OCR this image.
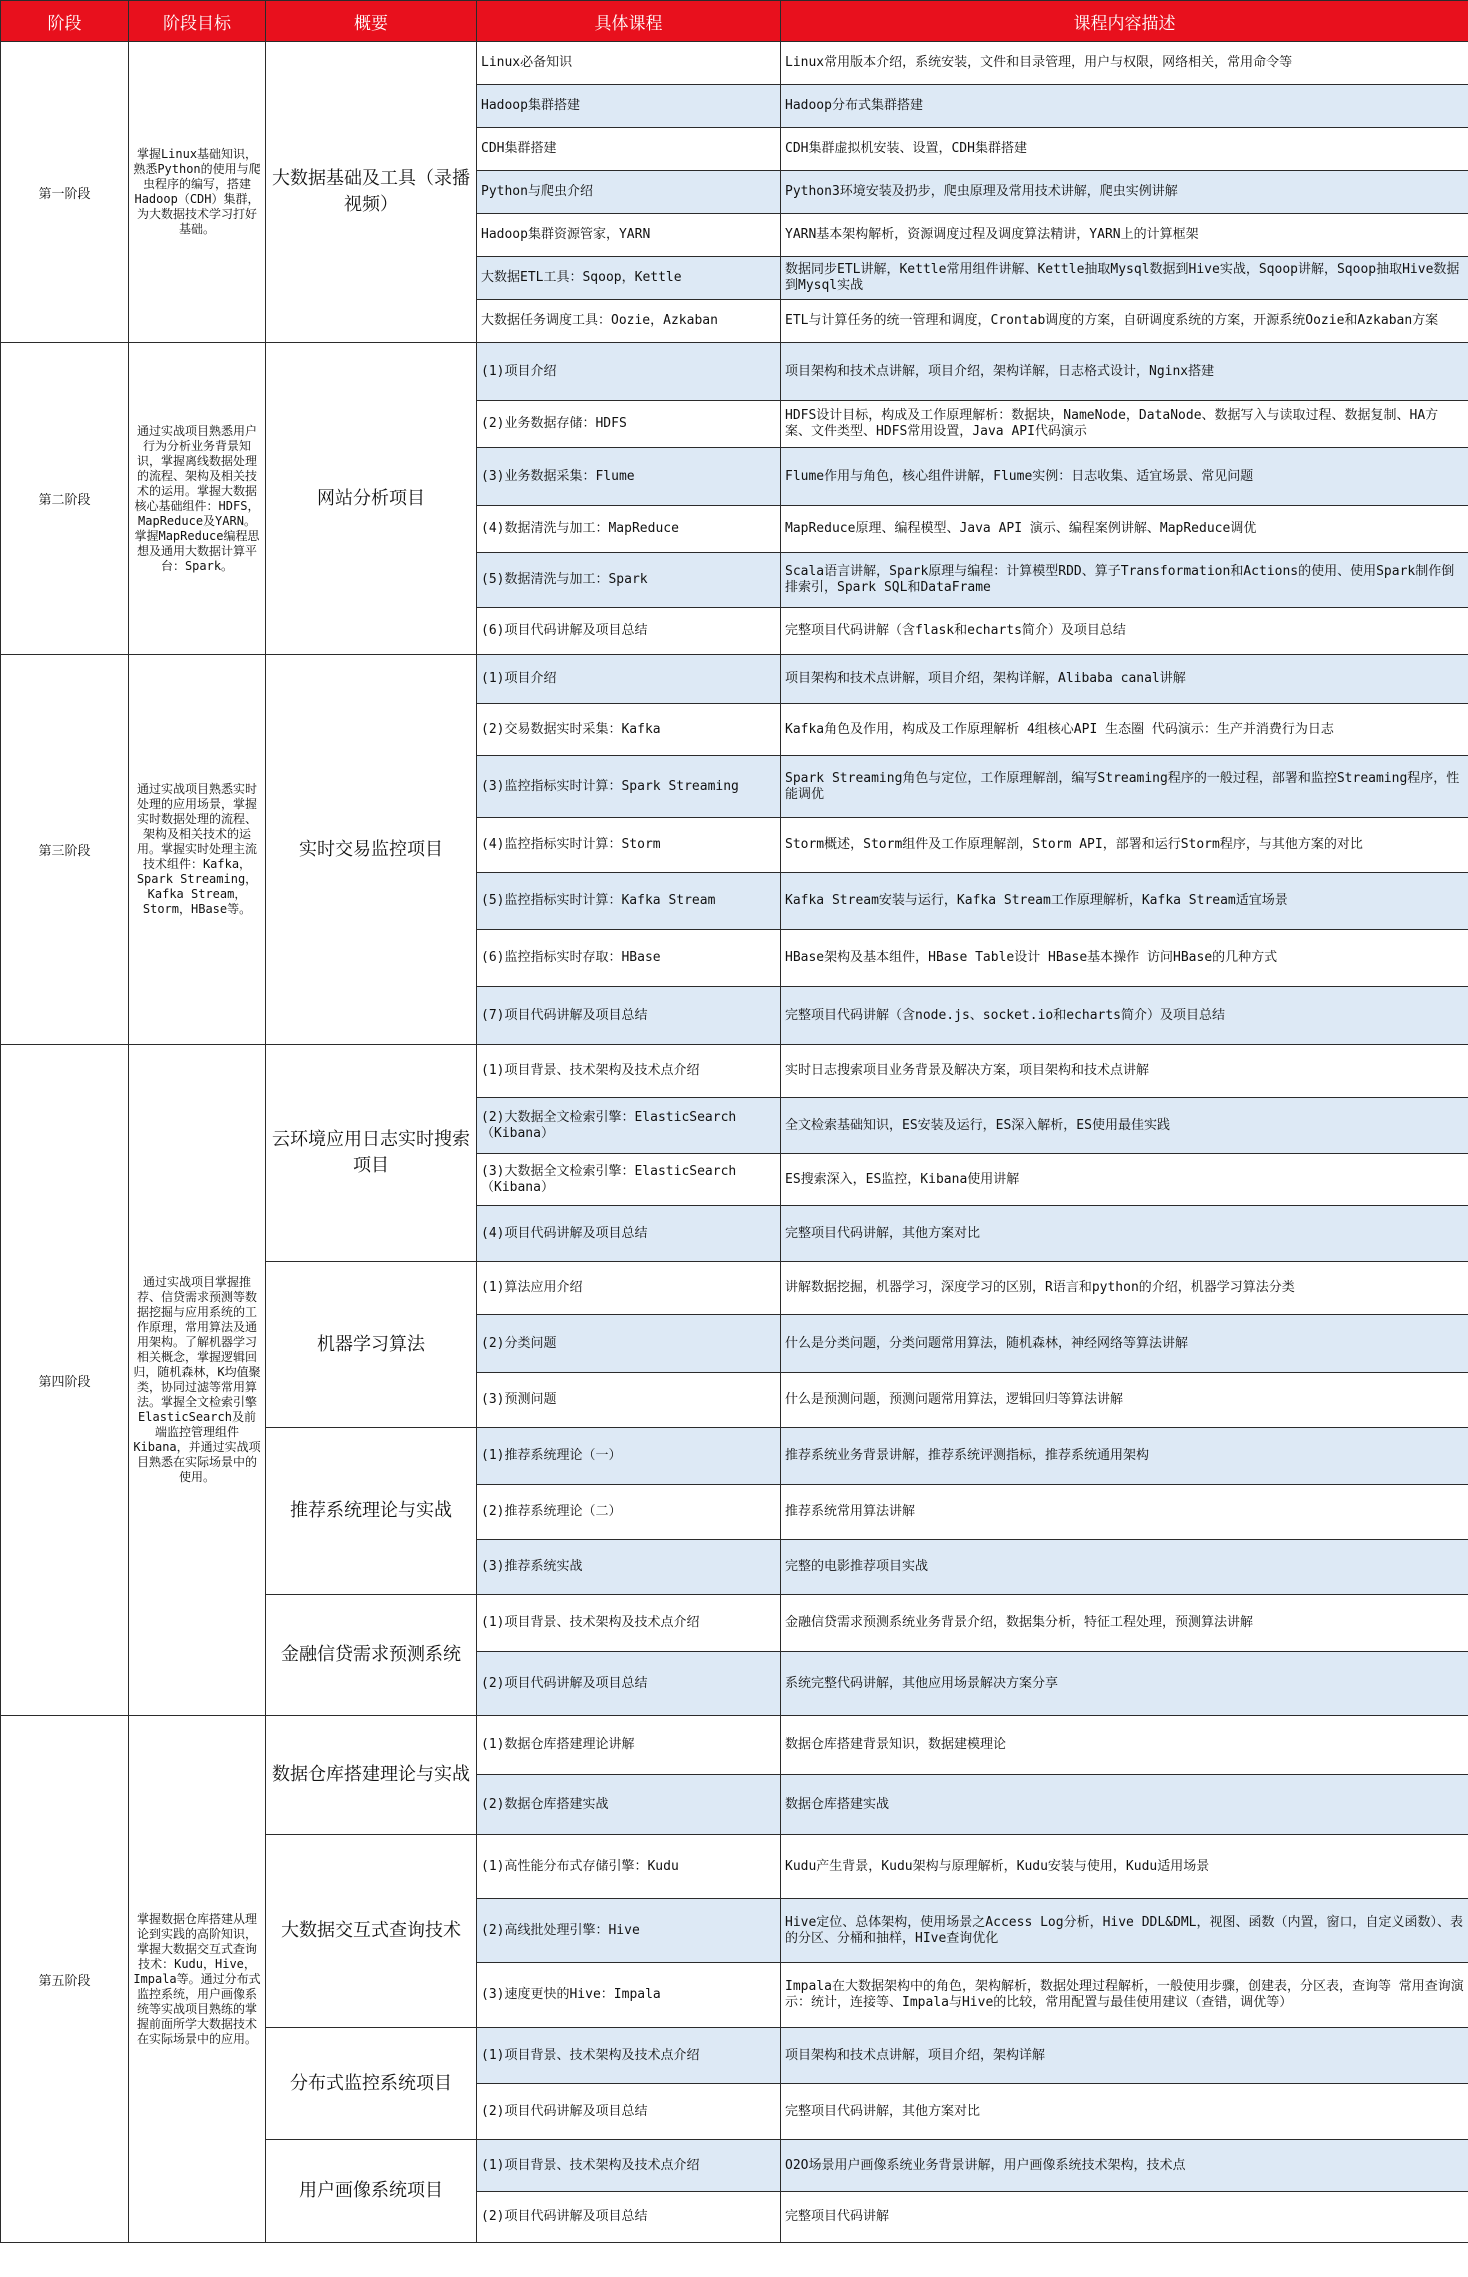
阶段	阶段目标	概要	具体课程	课程内容描述
第一阶段	掌握Linux基础知识，熟悉Python的使用与爬虫程序的编写，搭建Hadoop（CDH）集群，为大数据技术学习打好基础。	大数据基础及工具（录播视频）	Linux必备知识	Linux常用版本介绍，系统安装，文件和目录管理，用户与权限，网络相关，常用命令等
			Hadoop集群搭建	Hadoop分布式集群搭建
			CDH集群搭建	CDH集群虚拟机安装、设置，CDH集群搭建
			Python与爬虫介绍	Python3环境安装及扔步，爬虫原理及常用技术讲解，爬虫实例讲解
			Hadoop集群资源管家，YARN	YARN基本架构解析，资源调度过程及调度算法精讲，YARN上的计算框架
			大数据ETL工具：Sqoop，Kettle	数据同步ETL讲解，Kettle常用组件讲解、Kettle抽取Mysql数据到Hive实战，Sqoop讲解，Sqoop抽取Hive数据到Mysql实战
			大数据任务调度工具：Oozie，Azkaban	ETL与计算任务的统一管理和调度，Crontab调度的方案，自研调度系统的方案，开源系统Oozie和Azkaban方案
第二阶段	通过实战项目熟悉用户行为分析业务背景知识，掌握离线数据处理的流程、架构及相关技术的运用。掌握大数据核心基础组件：HDFS，MapReduce及YARN。掌握MapReduce编程思想及通用大数据计算平台：Spark。	网站分析项目	(1)项目介绍	项目架构和技术点讲解，项目介绍，架构详解，日志格式设计，Nginx搭建
			(2)业务数据存储：HDFS	HDFS设计目标，构成及工作原理解析：数据块，NameNode，DataNode、数据写入与读取过程、数据复制、HA方案、文件类型、HDFS常用设置，Java API代码演示
			(3)业务数据采集：Flume	Flume作用与角色，核心组件讲解，Flume实例：日志收集、适宜场景、常见问题
			(4)数据清洗与加工：MapReduce	MapReduce原理、编程模型、Java API 演示、编程案例讲解、MapReduce调优
			(5)数据清洗与加工：Spark	Scala语言讲解，Spark原理与编程：计算模型RDD、算子Transformation和Actions的使用、使用Spark制作倒排索引，Spark SQL和DataFrame
			(6)项目代码讲解及项目总结	完整项目代码讲解（含flask和echarts简介）及项目总结
第三阶段	通过实战项目熟悉实时处理的应用场景，掌握实时数据处理的流程、架构及相关技术的运用。掌握实时处理主流技术组件：Kafka，Spark Streaming，Kafka Stream，Storm，HBase等。	实时交易监控项目	(1)项目介绍	项目架构和技术点讲解，项目介绍，架构详解，Alibaba canal讲解
			(2)交易数据实时采集：Kafka	Kafka角色及作用，构成及工作原理解析 4组核心API 生态圈 代码演示：生产并消费行为日志
			(3)监控指标实时计算：Spark Streaming	Spark Streaming角色与定位，工作原理解剖，编写Streaming程序的一般过程，部署和监控Streaming程序，性能调优
			(4)监控指标实时计算：Storm	Storm概述，Storm组件及工作原理解剖，Storm API，部署和运行Storm程序，与其他方案的对比
			(5)监控指标实时计算：Kafka Stream	Kafka Stream安装与运行，Kafka Stream工作原理解析，Kafka Stream适宜场景
			(6)监控指标实时存取：HBase	HBase架构及基本组件，HBase Table设计 HBase基本操作 访问HBase的几种方式
			(7)项目代码讲解及项目总结	完整项目代码讲解（含node.js、socket.io和echarts简介）及项目总结
第四阶段	通过实战项目掌握推荐、信贷需求预测等数据挖掘与应用系统的工作原理，常用算法及通用架构。了解机器学习相关概念，掌握逻辑回归，随机森林，K均值聚类，协同过滤等常用算法。掌握全文检索引擎ElasticSearch及前端监控管理组件Kibana，并通过实战项目熟悉在实际场景中的使用。	云环境应用日志实时搜索项目	(1)项目背景、技术架构及技术点介绍	实时日志搜索项目业务背景及解决方案，项目架构和技术点讲解
			(2)大数据全文检索引擎：ElasticSearch（Kibana）	全文检索基础知识，ES安装及运行，ES深入解析，ES使用最佳实践
			(3)大数据全文检索引擎：ElasticSearch（Kibana）	ES搜索深入，ES监控，Kibana使用讲解
			(4)项目代码讲解及项目总结	完整项目代码讲解，其他方案对比
		机器学习算法	(1)算法应用介绍	讲解数据挖掘，机器学习，深度学习的区别，R语言和python的介绍，机器学习算法分类
			(2)分类问题	什么是分类问题，分类问题常用算法，随机森林，神经网络等算法讲解
			(3)预测问题	什么是预测问题，预测问题常用算法，逻辑回归等算法讲解
		推荐系统理论与实战	(1)推荐系统理论（一）	推荐系统业务背景讲解，推荐系统评测指标，推荐系统通用架构
			(2)推荐系统理论（二）	推荐系统常用算法讲解
			(3)推荐系统实战	完整的电影推荐项目实战
		金融信贷需求预测系统	(1)项目背景、技术架构及技术点介绍	金融信贷需求预测系统业务背景介绍，数据集分析，特征工程处理，预测算法讲解
			(2)项目代码讲解及项目总结	系统完整代码讲解，其他应用场景解决方案分享
第五阶段	掌握数据仓库搭建从理论到实践的高阶知识，掌握大数据交互式查询技术：Kudu，Hive，Impala等。通过分布式监控系统，用户画像系统等实战项目熟练的掌握前面所学大数据技术在实际场景中的应用。	数据仓库搭建理论与实战	(1)数据仓库搭建理论讲解	数据仓库搭建背景知识，数据建模理论
			(2)数据仓库搭建实战	数据仓库搭建实战
		大数据交互式查询技术	(1)高性能分布式存储引擎：Kudu	Kudu产生背景，Kudu架构与原理解析，Kudu安装与使用，Kudu适用场景
			(2)高线批处理引擎：Hive	Hive定位、总体架构，使用场景之Access Log分析，Hive DDL&DML，视图、函数（内置，窗口，自定义函数）、表的分区、分桶和抽样，HIve查询优化
			(3)速度更快的Hive：Impala	Impala在大数据架构中的角色，架构解析，数据处理过程解析，一般使用步骤，创建表，分区表，查询等 常用查询演示：统计，连接等、Impala与Hive的比较，常用配置与最佳使用建议（查错，调优等）
		分布式监控系统项目	(1)项目背景、技术架构及技术点介绍	项目架构和技术点讲解，项目介绍，架构详解
			(2)项目代码讲解及项目总结	完整项目代码讲解，其他方案对比
		用户画像系统项目	(1)项目背景、技术架构及技术点介绍	O2O场景用户画像系统业务背景讲解，用户画像系统技术架构，技术点
			(2)项目代码讲解及项目总结	完整项目代码讲解
